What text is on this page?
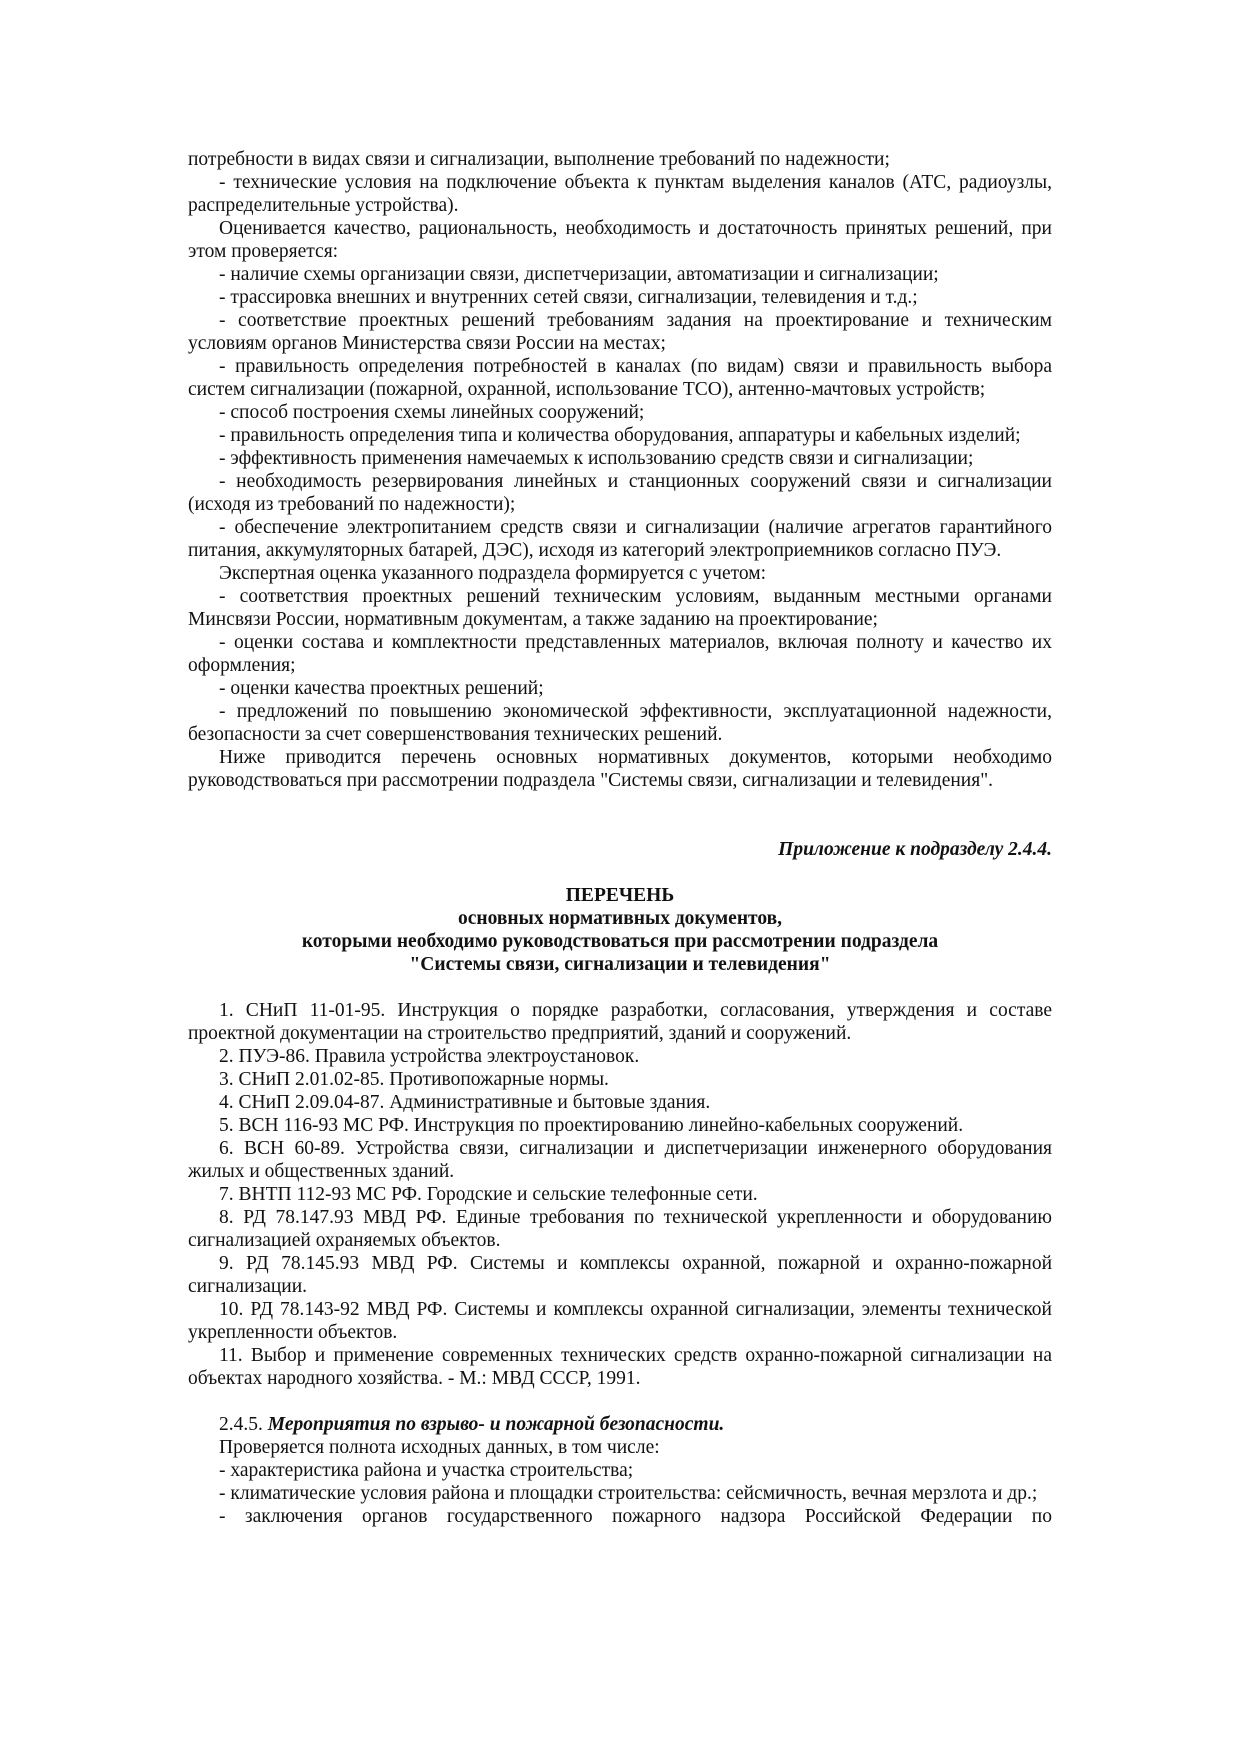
потребности в видах связи и сигнализации, выполнение требований по надежности;

- технические условия на подключение объекта к пунктам выделения каналов (АТС, радиоузлы, распределительные устройства).

Оценивается качество, рациональность, необходимость и достаточность принятых решений, при этом проверяется:

- наличие схемы организации связи, диспетчеризации, автоматизации и сигнализации;

- трассировка внешних и внутренних сетей связи, сигнализации, телевидения и т.д.;

- соответствие проектных решений требованиям задания на проектирование и техническим условиям органов Министерства связи России на местах;

- правильность определения потребностей в каналах (по видам) связи и правильность выбора систем сигнализации (пожарной, охранной, использование ТСО), антенно-мачтовых устройств;

- способ построения схемы линейных сооружений;

- правильность определения типа и количества оборудования, аппаратуры и кабельных изделий;

- эффективность применения намечаемых к использованию средств связи и сигнализации;

- необходимость резервирования линейных и станционных сооружений связи и сигнализации (исходя из требований по надежности);

- обеспечение электропитанием средств связи и сигнализации (наличие агрегатов гарантийного питания, аккумуляторных батарей, ДЭС), исходя из категорий электроприемников согласно ПУЭ.

Экспертная оценка указанного подраздела формируется с учетом:

- соответствия проектных решений техническим условиям, выданным местными органами Минсвязи России, нормативным документам, а также заданию на проектирование;

- оценки состава и комплектности представленных материалов, включая полноту и качество их оформления;

- оценки качества проектных решений;

- предложений по повышению экономической эффективности, эксплуатационной надежности, безопасности за счет совершенствования технических решений.

Ниже приводится перечень основных нормативных документов, которыми необходимо руководствоваться при рассмотрении подраздела "Системы связи, сигнализации и телевидения".

Приложение к подразделу 2.4.4.

ПЕРЕЧЕНЬ
основных нормативных документов,
которыми необходимо руководствоваться при рассмотрении подраздела
"Системы связи, сигнализации и телевидения"

1. СНиП 11-01-95. Инструкция о порядке разработки, согласования, утверждения и составе проектной документации на строительство предприятий, зданий и сооружений.

2. ПУЭ-86. Правила устройства электроустановок.

3. СНиП 2.01.02-85. Противопожарные нормы.

4. СНиП 2.09.04-87. Административные и бытовые здания.

5. ВСН 116-93 МС РФ. Инструкция по проектированию линейно-кабельных сооружений.

6. ВСН 60-89. Устройства связи, сигнализации и диспетчеризации инженерного оборудования жилых и общественных зданий.

7. ВНТП 112-93 МС РФ. Городские и сельские телефонные сети.

8. РД 78.147.93 МВД РФ. Единые требования по технической укрепленности и оборудованию сигнализацией охраняемых объектов.

9. РД 78.145.93 МВД РФ. Системы и комплексы охранной, пожарной и охранно-пожарной сигнализации.

10. РД 78.143-92 МВД РФ. Системы и комплексы охранной сигнализации, элементы технической укрепленности объектов.

11. Выбор и применение современных технических средств охранно-пожарной сигнализации на объектах народного хозяйства. - М.: МВД СССР, 1991.

2.4.5. Мероприятия по взрыво- и пожарной безопасности.

Проверяется полнота исходных данных, в том числе:

- характеристика района и участка строительства;

- климатические условия района и площадки строительства: сейсмичность, вечная мерзлота и др.;

- заключения органов государственного пожарного надзора Российской Федерации по
